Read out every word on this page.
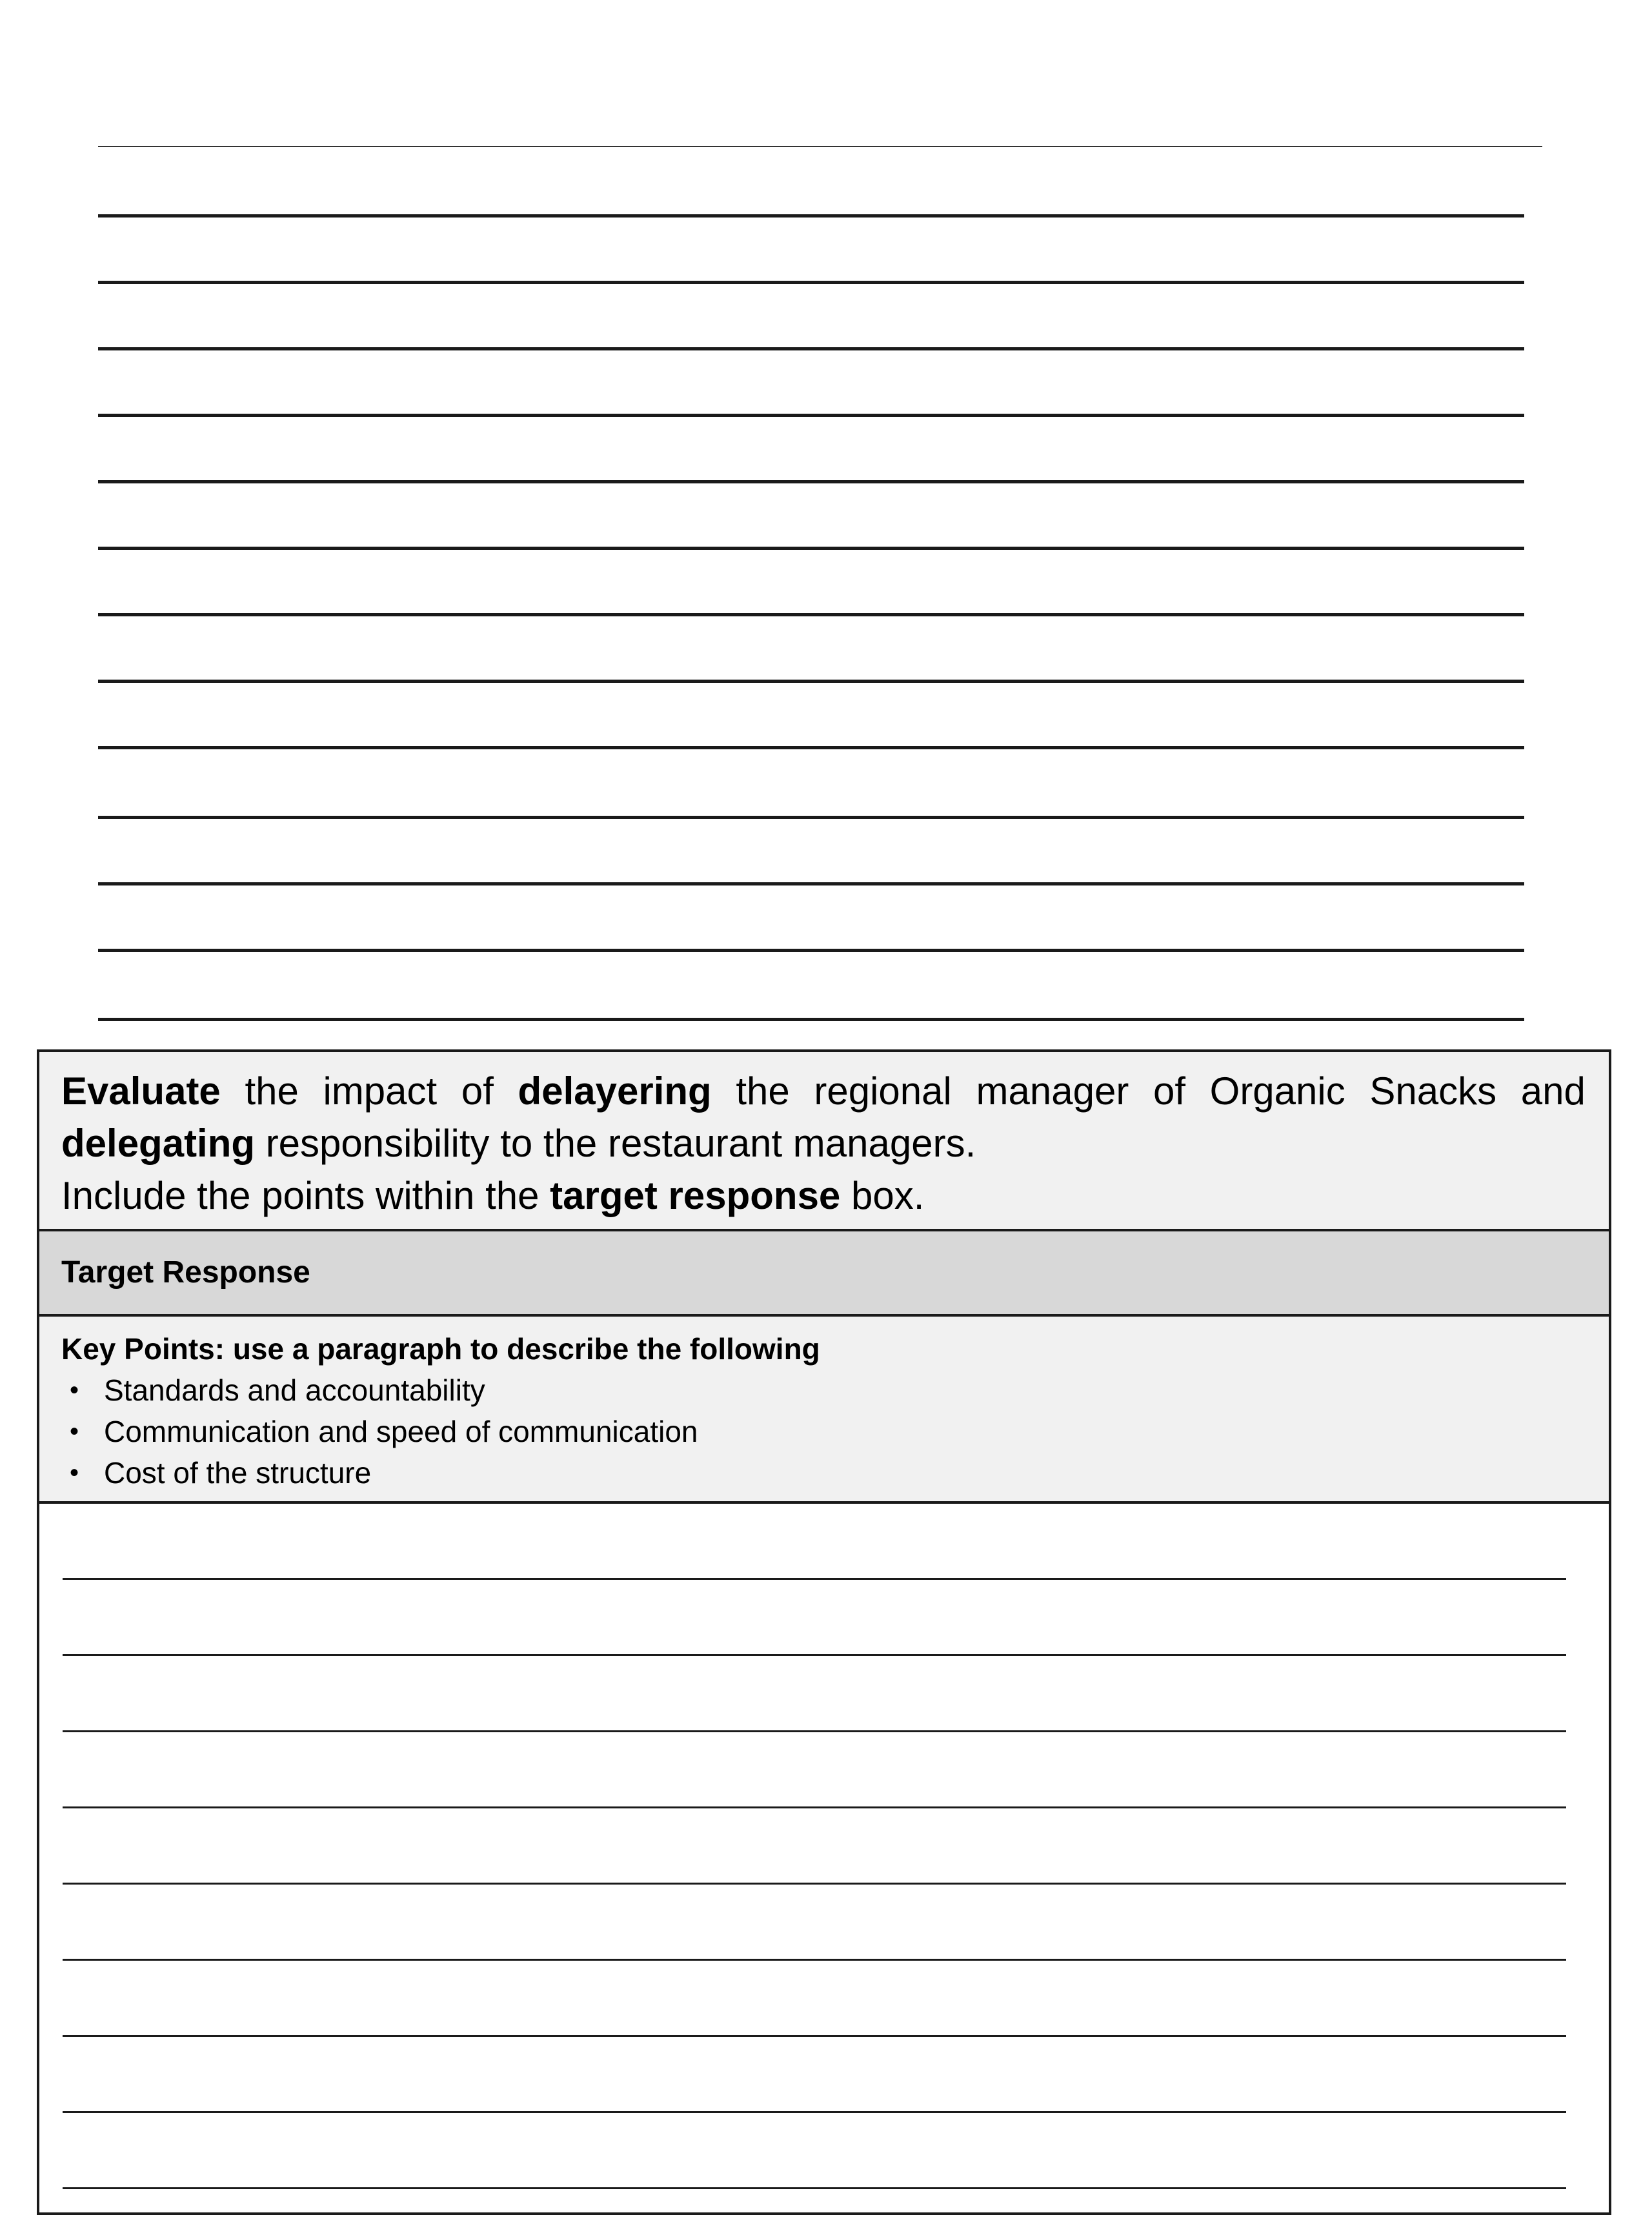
Evaluate the impact of delayering the regional manager of Organic Snacks and
delegating responsibility to the restaurant managers.
Include the points within the target response box.
Target Response
Key Points: use a paragraph to describe the following
• Standards and accountability
• Communication and speed of communication
• Cost of the structure
